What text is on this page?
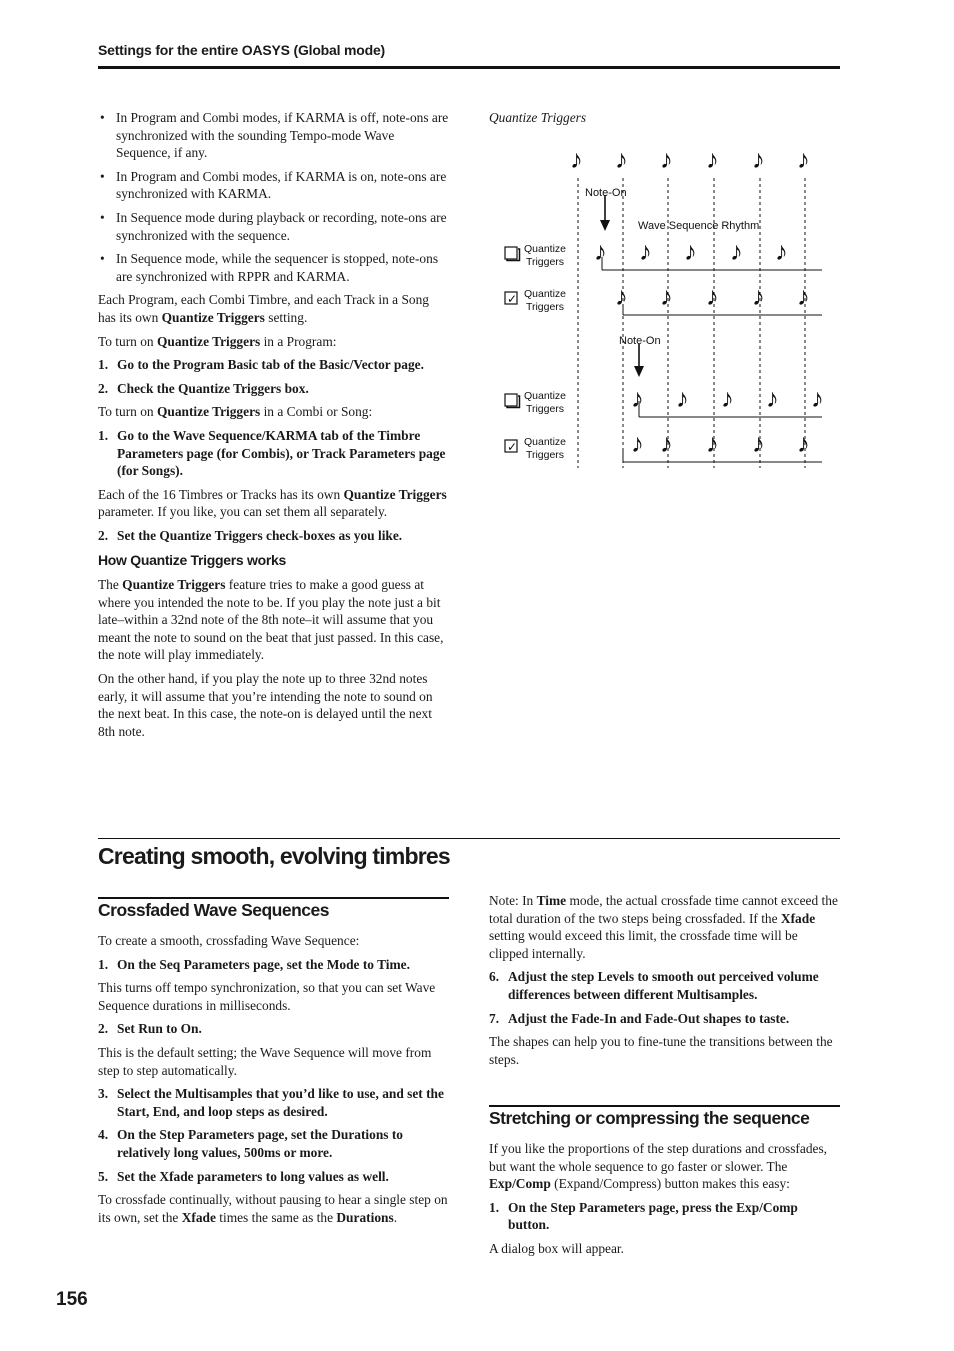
Settings for the entire OASYS (Global mode)
• In Program and Combi modes, if KARMA is off, note-ons are synchronized with the sounding Tempo-mode Wave Sequence, if any.
• In Program and Combi modes, if KARMA is on, note-ons are synchronized with KARMA.
• In Sequence mode during playback or recording, note-ons are synchronized with the sequence.
• In Sequence mode, while the sequencer is stopped, note-ons are synchronized with RPPR and KARMA.

Each Program, each Combi Timbre, and each Track in a Song has its own Quantize Triggers setting.

To turn on Quantize Triggers in a Program:

1. Go to the Program Basic tab of the Basic/Vector page.
2. Check the Quantize Triggers box.

To turn on Quantize Triggers in a Combi or Song:

1. Go to the Wave Sequence/KARMA tab of the Timbre Parameters page (for Combis), or Track Parameters page (for Songs).

Each of the 16 Timbres or Tracks has its own Quantize Triggers parameter. If you like, you can set them all separately.

2. Set the Quantize Triggers check-boxes as you like.
How Quantize Triggers works

The Quantize Triggers feature tries to make a good guess at where you intended the note to be. If you play the note just a bit late–within a 32nd note of the 8th note–it will assume that you meant the note to sound on the beat that just passed. In this case, the note will play immediately.

On the other hand, if you play the note up to three 32nd notes early, it will assume that you’re intending the note to sound on the next beat. In this case, the note-on is delayed until the next 8th note.

Quantize Triggers
♪ ♪ ♪ ♪ ♪ ♪
♪ ♪ ♪ ♪ ♪
♪ ♪ ♪ ♪ ♪
♪ ♪ ♪ ♪ ♪
♪ ♪ ♪ ♪ ♪
Note-On
Note-On
Wave Sequence Rhythm
Quantize
Triggers
✓ Quantize
Triggers
Quantize
Triggers
✓ Quantize
Triggers
Creating smooth, evolving timbres
Crossfaded Wave Sequences

To create a smooth, crossfading Wave Sequence:

1. On the Seq Parameters page, set the Mode to Time.

This turns off tempo synchronization, so that you can set Wave Sequence durations in milliseconds.

2. Set Run to On.

This is the default setting; the Wave Sequence will move from step to step automatically.

3. Select the Multisamples that you’d like to use, and set the Start, End, and loop steps as desired.
4. On the Step Parameters page, set the Durations to relatively long values, 500ms or more.
5. Set the Xfade parameters to long values as well.

To crossfade continually, without pausing to hear a single step on its own, set the Xfade times the same as the Durations.

Note: In Time mode, the actual crossfade time cannot exceed the total duration of the two steps being crossfaded. If the Xfade setting would exceed this limit, the crossfade time will be clipped internally.

6. Adjust the step Levels to smooth out perceived volume differences between different Multisamples.
7. Adjust the Fade-In and Fade-Out shapes to taste.

The shapes can help you to fine-tune the transitions between the steps.

Stretching or compressing the sequence

If you like the proportions of the step durations and crossfades, but want the whole sequence to go faster or slower. The Exp/Comp (Expand/Compress) button makes this easy:

1. On the Step Parameters page, press the Exp/Comp button.

A dialog box will appear.

156
